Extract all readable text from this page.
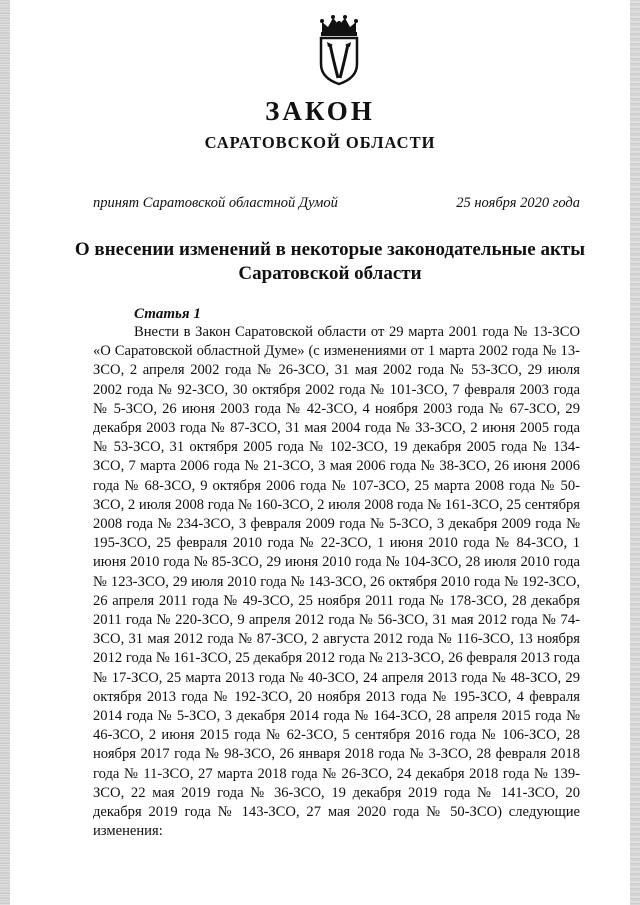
ЗАКОН
САРАТОВСКОЙ ОБЛАСТИ
принят Саратовской областной Думой	25 ноября 2020 года
О внесении изменений в некоторые законодательные акты Саратовской области
Статья 1

Внести в Закон Саратовской области от 29 марта 2001 года № 13-ЗСО «О Саратовской областной Думе» (с изменениями от 1 марта 2002 года № 13-ЗСО, 2 апреля 2002 года № 26-ЗСО, 31 мая 2002 года № 53-ЗСО, 29 июля 2002 года № 92-ЗСО, 30 октября 2002 года № 101-ЗСО, 7 февраля 2003 года № 5-ЗСО, 26 июня 2003 года № 42-ЗСО, 4 ноября 2003 года № 67-ЗСО, 29 декабря 2003 года № 87-ЗСО, 31 мая 2004 года № 33-ЗСО, 2 июня 2005 года № 53-ЗСО, 31 октября 2005 года № 102-ЗСО, 19 декабря 2005 года № 134-ЗСО, 7 марта 2006 года № 21-ЗСО, 3 мая 2006 года № 38-ЗСО, 26 июня 2006 года № 68-ЗСО, 9 октября 2006 года № 107-ЗСО, 25 марта 2008 года № 50-ЗСО, 2 июля 2008 года № 160-ЗСО, 2 июля 2008 года № 161-ЗСО, 25 сентября 2008 года № 234-ЗСО, 3 февраля 2009 года № 5-ЗСО, 3 декабря 2009 года № 195-ЗСО, 25 февраля 2010 года № 22-ЗСО, 1 июня 2010 года № 84-ЗСО, 1 июня 2010 года № 85-ЗСО, 29 июня 2010 года № 104-ЗСО, 28 июля 2010 года № 123-ЗСО, 29 июля 2010 года № 143-ЗСО, 26 октября 2010 года № 192-ЗСО, 26 апреля 2011 года № 49-ЗСО, 25 ноября 2011 года № 178-ЗСО, 28 декабря 2011 года № 220-ЗСО, 9 апреля 2012 года № 56-ЗСО, 31 мая 2012 года № 74-ЗСО, 31 мая 2012 года № 87-ЗСО, 2 августа 2012 года № 116-ЗСО, 13 ноября 2012 года № 161-ЗСО, 25 декабря 2012 года № 213-ЗСО, 26 февраля 2013 года № 17-ЗСО, 25 марта 2013 года № 40-ЗСО, 24 апреля 2013 года № 48-ЗСО, 29 октября 2013 года № 192-ЗСО, 20 ноября 2013 года № 195-ЗСО, 4 февраля 2014 года № 5-ЗСО, 3 декабря 2014 года № 164-ЗСО, 28 апреля 2015 года № 46-ЗСО, 2 июня 2015 года № 62-ЗСО, 5 сентября 2016 года № 106-ЗСО, 28 ноября 2017 года № 98-ЗСО, 26 января 2018 года № 3-ЗСО, 28 февраля 2018 года № 11-ЗСО, 27 марта 2018 года № 26-ЗСО, 24 декабря 2018 года № 139-ЗСО, 22 мая 2019 года № 36-ЗСО, 19 декабря 2019 года № 141-ЗСО, 20 декабря 2019 года № 143-ЗСО, 27 мая 2020 года № 50-ЗСО) следующие изменения:
